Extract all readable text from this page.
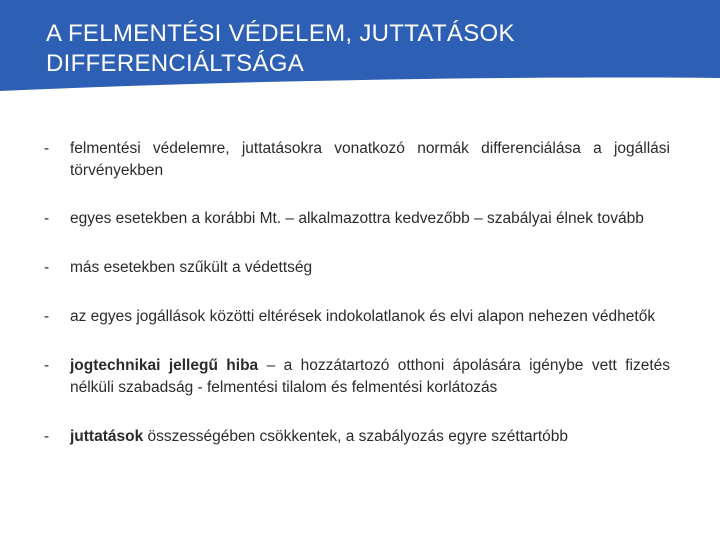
A FELMENTÉSI VÉDELEM, JUTTATÁSOK DIFFERENCIÁLTSÁGA
- felmentési védelemre, juttatásokra vonatkozó normák differenciálása a jogállási törvényekben
- egyes esetekben a korábbi Mt. – alkalmazottra kedvezőbb – szabályai élnek tovább
- más esetekben szűkült a védettség
- az egyes jogállások közötti eltérések indokolatlanok és elvi alapon nehezen védhetők
- jogtechnikai jellegű hiba – a hozzátartozó otthoni ápolására igénybe vett fizetés nélküli szabadság - felmentési tilalom és felmentési korlátozás
- juttatások összességében csökkentek, a szabályozás egyre széttartóbb
